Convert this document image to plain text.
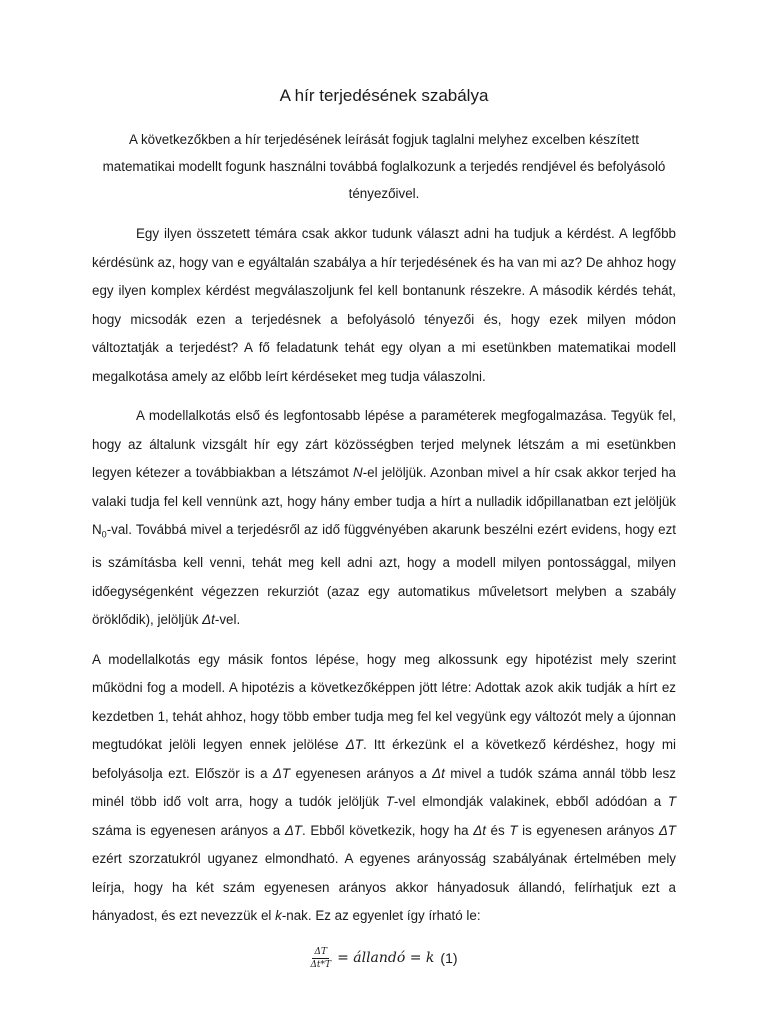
A hír terjedésének szabálya

A következőkben a hír terjedésének leírását fogjuk taglalni melyhez excelben készített matematikai modellt fogunk használni továbbá foglalkozunk a terjedés rendjével és befolyásoló tényezőivel.

Egy ilyen összetett témára csak akkor tudunk választ adni ha tudjuk a kérdést. A legfőbb kérdésünk az, hogy van e egyáltalán szabálya a hír terjedésének és ha van mi az? De ahhoz hogy egy ilyen komplex kérdést megválaszoljunk fel kell bontanunk részekre. A második kérdés tehát, hogy micsodák ezen a terjedésnek a befolyásoló tényezői és, hogy ezek milyen módon változtatják a terjedést? A fő feladatunk tehát egy olyan a mi esetünkben matematikai modell megalkotása amely az előbb leírt kérdéseket meg tudja válaszolni.

A modellalkotás első és legfontosabb lépése a paraméterek megfogalmazása. Tegyük fel, hogy az általunk vizsgált hír egy zárt közösségben terjed melynek létszám a mi esetünkben legyen kétezer a továbbiakban a létszámot N-el jelöljük. Azonban mivel a hír csak akkor terjed ha valaki tudja fel kell vennünk azt, hogy hány ember tudja a hírt a nulladik időpillanatban ezt jelöljük $N_0$-val. Továbbá mivel a terjedésről az idő függvényében akarunk beszélni ezért evidens, hogy ezt is számításba kell venni, tehát meg kell adni azt, hogy a modell milyen pontossággal, milyen időegységenként végezzen rekurziót (azaz egy automatikus műveletsort melyben a szabály öröklődik), jelöljük Δt-vel.

A modellalkotás egy másik fontos lépése, hogy meg alkossunk egy hipotézist mely szerint működni fog a modell. A hipotézis a következőképpen jött létre: Adottak azok akik tudják a hírt ez kezdetben 1, tehát ahhoz, hogy több ember tudja meg fel kel vegyünk egy változót mely a újonnan megtudókat jelöli legyen ennek jelölése ΔT. Itt érkezünk el a következő kérdéshez, hogy mi befolyásolja ezt. Először is a ΔT egyenesen arányos a Δt mivel a tudók száma annál több lesz minél több idő volt arra, hogy a tudók jelöljük T-vel elmondják valakinek, ebből adódóan a T száma is egyenesen arányos a ΔT. Ebből következik, hogy ha Δt és T is egyenesen arányos ΔT ezért szorzatukról ugyanez elmondható. A egyenes arányosság szabályának értelmében mely leírja, hogy ha két szám egyenesen arányos akkor hányadosuk állandó, felírhatjuk ezt a hányadost, és ezt nevezzük el k-nak. Ez az egyenlet így írható le:

$\frac{\Delta T}{\Delta t*T}$ = állandó = k (1)
